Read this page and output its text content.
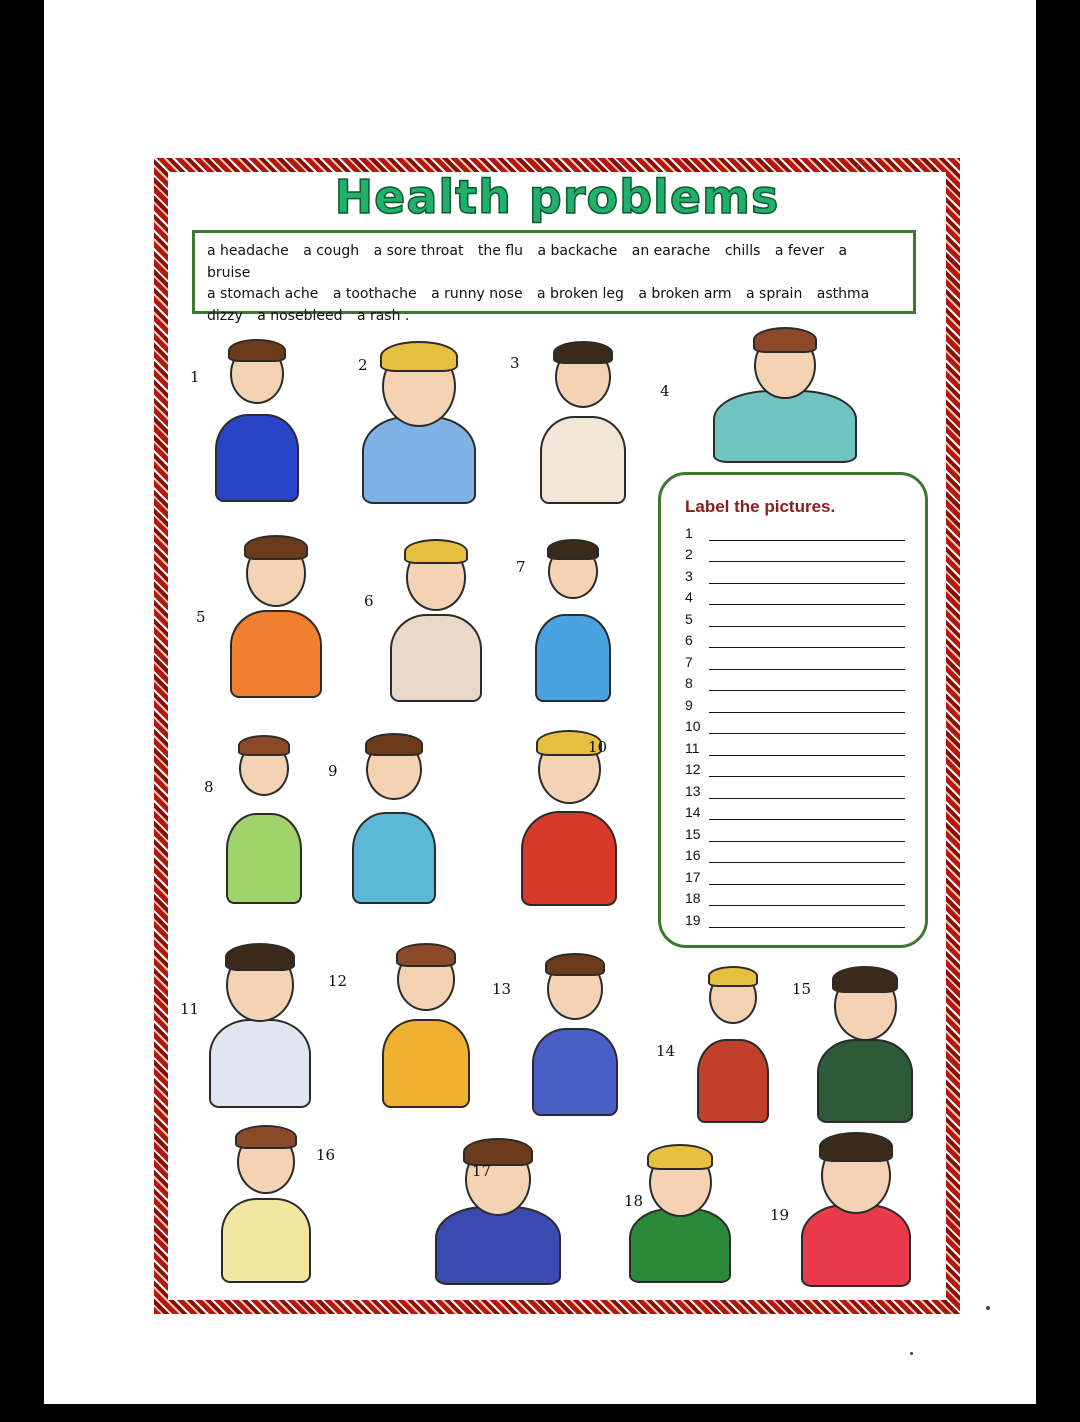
Health problems
a headache a cough a sore throat the flu a backache an earache chills a fever a bruise
a stomach ache a toothache a runny nose a broken leg a broken arm a sprain asthma
dizzy a nosebleed a rash .
1
2	3
4
5
6
7
8
9
10
11
12	13
14
15
16
17
18
19
Label the pictures.
1
2
3
4
5
6
7
8
9
10
11
12
13
14
15
16
17
18
19
